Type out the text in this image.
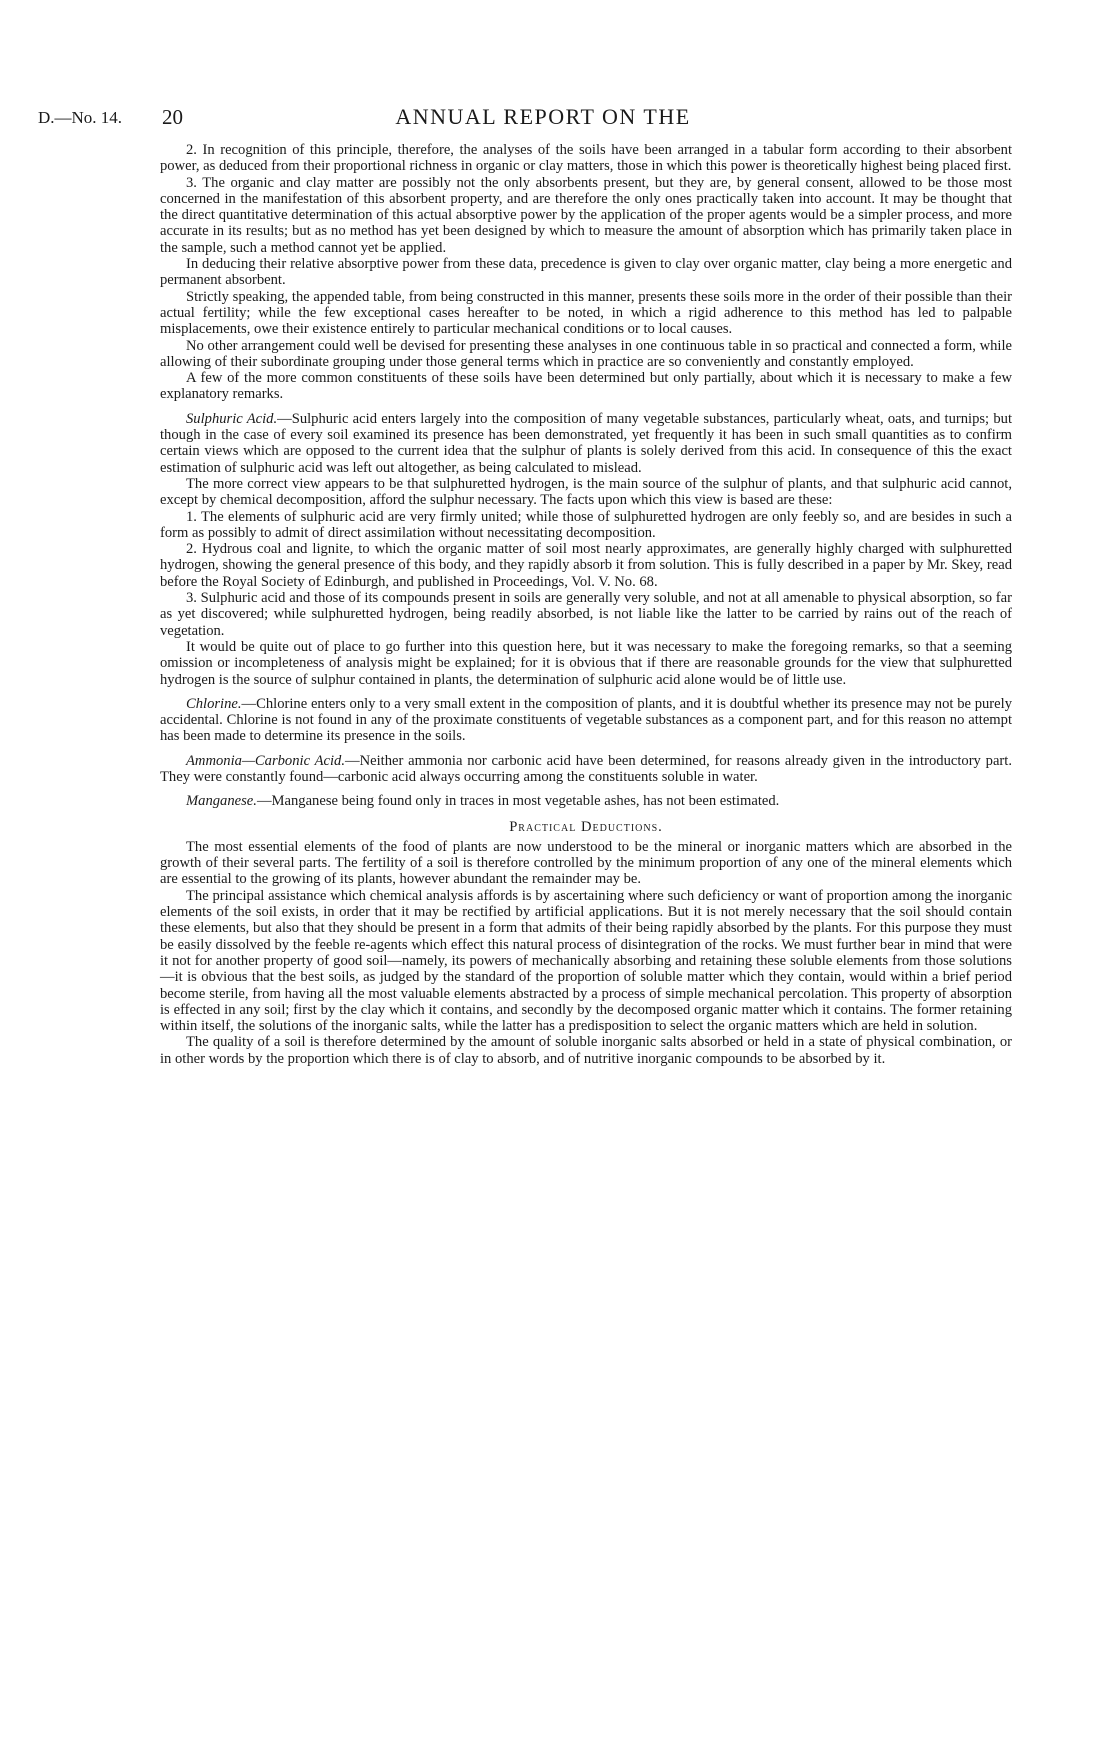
D.—No. 14. 20	ANNUAL REPORT ON THE

2. In recognition of this principle, therefore, the analyses of the soils have been arranged in a tabular form according to their absorbent power, as deduced from their proportional richness in organic or clay matters, those in which this power is theoretically highest being placed first.

3. The organic and clay matter are possibly not the only absorbents present, but they are, by general consent, allowed to be those most concerned in the manifestation of this absorbent property, and are therefore the only ones practically taken into account. It may be thought that the direct quantitative determination of this actual absorptive power by the application of the proper agents would be a simpler process, and more accurate in its results; but as no method has yet been designed by which to measure the amount of absorption which has primarily taken place in the sample, such a method cannot yet be applied.

In deducing their relative absorptive power from these data, precedence is given to clay over organic matter, clay being a more energetic and permanent absorbent.

Strictly speaking, the appended table, from being constructed in this manner, presents these soils more in the order of their possible than their actual fertility; while the few exceptional cases hereafter to be noted, in which a rigid adherence to this method has led to palpable misplacements, owe their existence entirely to particular mechanical conditions or to local causes.

No other arrangement could well be devised for presenting these analyses in one continuous table in so practical and connected a form, while allowing of their subordinate grouping under those general terms which in practice are so conveniently and constantly employed.

A few of the more common constituents of these soils have been determined but only partially, about which it is necessary to make a few explanatory remarks.

Sulphuric Acid.—Sulphuric acid enters largely into the composition of many vegetable substances, particularly wheat, oats, and turnips; but though in the case of every soil examined its presence has been demonstrated, yet frequently it has been in such small quantities as to confirm certain views which are opposed to the current idea that the sulphur of plants is solely derived from this acid. In consequence of this the exact estimation of sulphuric acid was left out altogether, as being calculated to mislead.

The more correct view appears to be that sulphuretted hydrogen, is the main source of the sulphur of plants, and that sulphuric acid cannot, except by chemical decomposition, afford the sulphur necessary. The facts upon which this view is based are these:

1. The elements of sulphuric acid are very firmly united; while those of sulphuretted hydrogen are only feebly so, and are besides in such a form as possibly to admit of direct assimilation without necessitating decomposition.

2. Hydrous coal and lignite, to which the organic matter of soil most nearly approximates, are generally highly charged with sulphuretted hydrogen, showing the general presence of this body, and they rapidly absorb it from solution. This is fully described in a paper by Mr. Skey, read before the Royal Society of Edinburgh, and published in Proceedings, Vol. V. No. 68.

3. Sulphuric acid and those of its compounds present in soils are generally very soluble, and not at all amenable to physical absorption, so far as yet discovered; while sulphuretted hydrogen, being readily absorbed, is not liable like the latter to be carried by rains out of the reach of vegetation.

It would be quite out of place to go further into this question here, but it was necessary to make the foregoing remarks, so that a seeming omission or incompleteness of analysis might be explained; for it is obvious that if there are reasonable grounds for the view that sulphuretted hydrogen is the source of sulphur contained in plants, the determination of sulphuric acid alone would be of little use.

Chlorine.—Chlorine enters only to a very small extent in the composition of plants, and it is doubtful whether its presence may not be purely accidental. Chlorine is not found in any of the proximate constituents of vegetable substances as a component part, and for this reason no attempt has been made to determine its presence in the soils.

Ammonia—Carbonic Acid.—Neither ammonia nor carbonic acid have been determined, for reasons already given in the introductory part. They were constantly found—carbonic acid always occurring among the constituents soluble in water.

Manganese.—Manganese being found only in traces in most vegetable ashes, has not been estimated.

Practical Deductions.

The most essential elements of the food of plants are now understood to be the mineral or inorganic matters which are absorbed in the growth of their several parts. The fertility of a soil is therefore controlled by the minimum proportion of any one of the mineral elements which are essential to the growing of its plants, however abundant the remainder may be.

The principal assistance which chemical analysis affords is by ascertaining where such deficiency or want of proportion among the inorganic elements of the soil exists, in order that it may be rectified by artificial applications. But it is not merely necessary that the soil should contain these elements, but also that they should be present in a form that admits of their being rapidly absorbed by the plants. For this purpose they must be easily dissolved by the feeble re-agents which effect this natural process of disintegration of the rocks. We must further bear in mind that were it not for another property of good soil—namely, its powers of mechanically absorbing and retaining these soluble elements from those solutions—it is obvious that the best soils, as judged by the standard of the proportion of soluble matter which they contain, would within a brief period become sterile, from having all the most valuable elements abstracted by a process of simple mechanical percolation. This property of absorption is effected in any soil; first by the clay which it contains, and secondly by the decomposed organic matter which it contains. The former retaining within itself, the solutions of the inorganic salts, while the latter has a predisposition to select the organic matters which are held in solution.

The quality of a soil is therefore determined by the amount of soluble inorganic salts absorbed or held in a state of physical combination, or in other words by the proportion which there is of clay to absorb, and of nutritive inorganic compounds to be absorbed by it.
